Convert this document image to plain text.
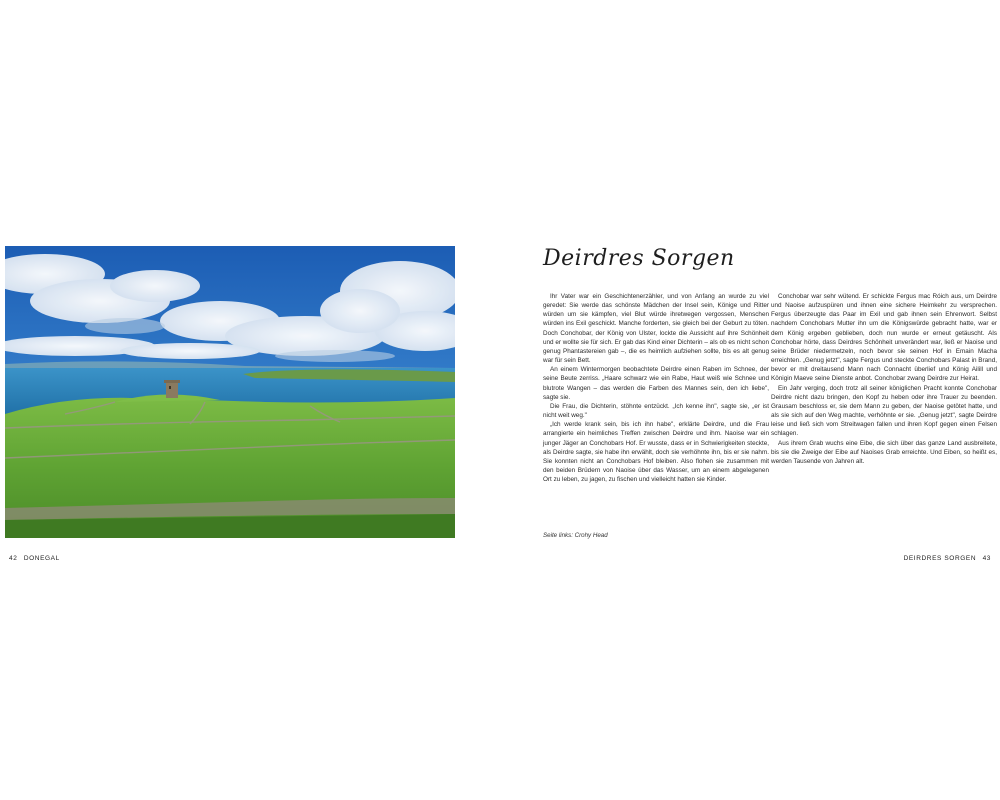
Deirdres Sorgen

Ihr Vater war ein Geschichtenerzähler, und von Anfang an wurde zu viel geredet: Sie werde das schönste Mädchen der Insel sein, Könige und Ritter würden um sie kämpfen, viel Blut würde ihretwegen vergossen, Menschen würden ins Exil geschickt. Manche forderten, sie gleich bei der Geburt zu töten. Doch Conchobar, der König von Ulster, lockte die Aussicht auf ihre Schönheit und er wollte sie für sich. Er gab das Kind einer Dichterin – als ob es nicht schon genug Phantastereien gab –, die es heimlich aufziehen sollte, bis es alt genug war für sein Bett.

An einem Wintermorgen beobachtete Deirdre einen Raben im Schnee, der seine Beute zerriss. „Haare schwarz wie ein Rabe, Haut weiß wie Schnee und blutrote Wangen – das werden die Farben des Mannes sein, den ich liebe", sagte sie.

Die Frau, die Dichterin, stöhnte entzückt. „Ich kenne ihn", sagte sie, „er ist nicht weit weg."

„Ich werde krank sein, bis ich ihn habe", erklärte Deirdre, und die Frau arrangierte ein heimliches Treffen zwischen Deirdre und ihm. Naoise war ein junger Jäger an Conchobars Hof. Er wusste, dass er in Schwierigkeiten steckte, als Deirdre sagte, sie habe ihn erwählt, doch sie verhöhnte ihn, bis er sie nahm. Sie konnten nicht an Conchobars Hof bleiben. Also flohen sie zusammen mit den beiden Brüdern von Naoise über das Wasser, um an einem abgelegenen Ort zu leben, zu jagen, zu fischen und vielleicht hatten sie Kinder.

Conchobar war sehr wütend. Er schickte Fergus mac Róich aus, um Deirdre und Naoise aufzuspüren und ihnen eine sichere Heimkehr zu versprechen. Fergus überzeugte das Paar im Exil und gab ihnen sein Ehrenwort. Selbst nachdem Conchobars Mutter ihn um die Königswürde gebracht hatte, war er dem König ergeben geblieben, doch nun wurde er erneut getäuscht. Als Conchobar hörte, dass Deirdres Schönheit unverändert war, ließ er Naoise und seine Brüder niedermetzeln, noch bevor sie seinen Hof in Emain Macha erreichten. „Genug jetzt", sagte Fergus und steckte Conchobars Palast in Brand, bevor er mit dreitausend Mann nach Connacht überlief und König Ailill und Königin Maeve seine Dienste anbot. Conchobar zwang Deirdre zur Heirat.

Ein Jahr verging, doch trotz all seiner königlichen Pracht konnte Conchobar Deirdre nicht dazu bringen, den Kopf zu heben oder ihre Trauer zu beenden. Grausam beschloss er, sie dem Mann zu geben, der Naoise getötet hatte, und als sie sich auf den Weg machte, verhöhnte er sie. „Genug jetzt", sagte Deirdre leise und ließ sich vom Streitwagen fallen und ihren Kopf gegen einen Felsen schlagen.

Aus ihrem Grab wuchs eine Eibe, die sich über das ganze Land ausbreitete, bis sie die Zweige der Eibe auf Naoises Grab erreichte. Und Eiben, so heißt es, werden Tausende von Jahren alt.

Seite links: Crohy Head
42 DONEGAL	DEIRDRES SORGEN 43
